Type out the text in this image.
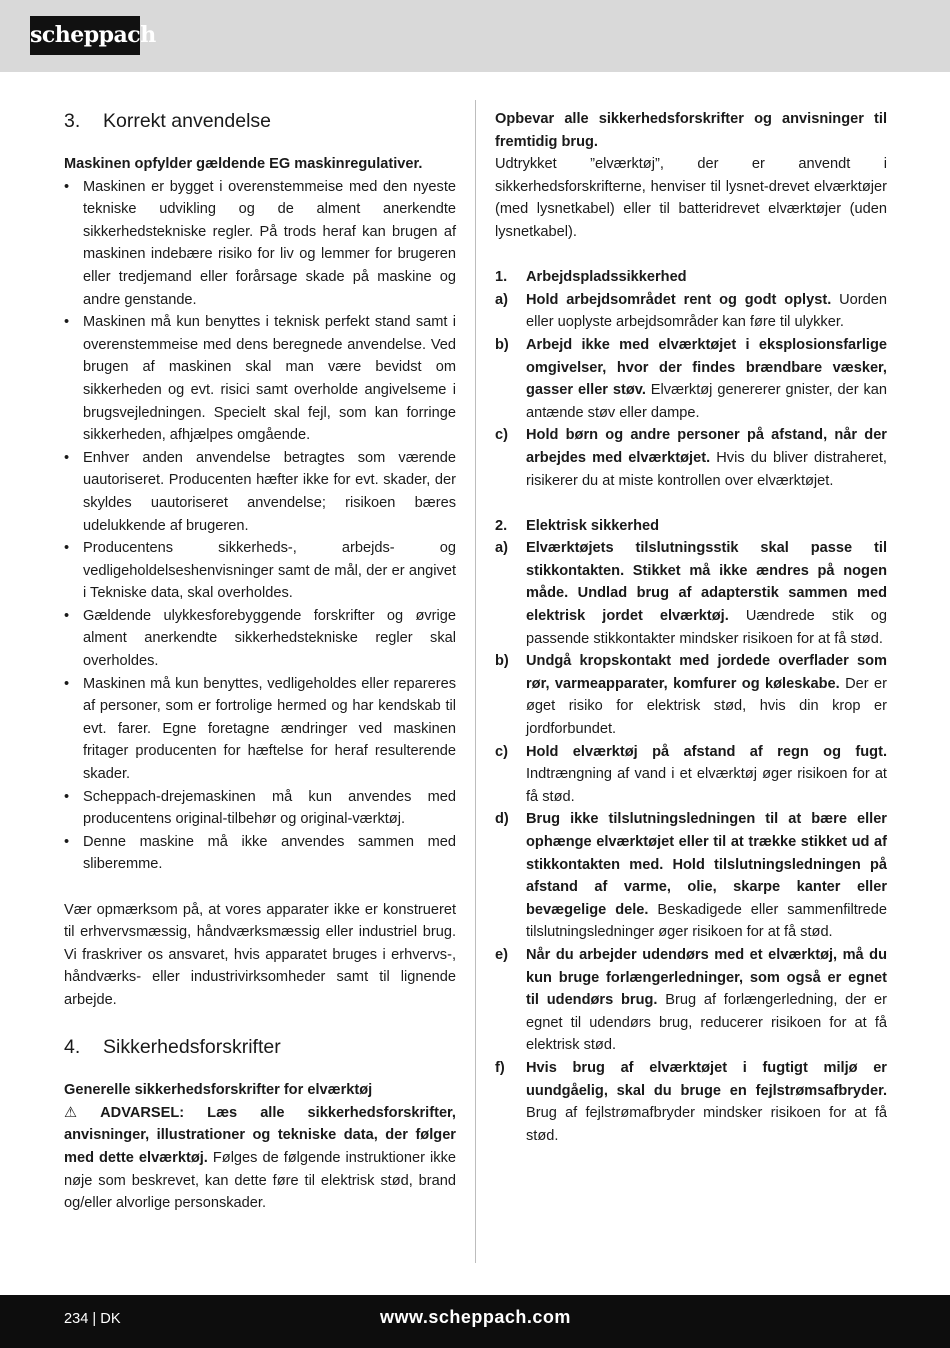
scheppach
3.	Korrekt anvendelse

Maskinen opfylder gældende EG maskinregulativer.

• Maskinen er bygget i overenstemmeise med den nyeste tekniske udvikling og de alment anerkendte sikkerhedstekniske regler. På trods heraf kan brugen af maskinen indebære risiko for liv og lemmer for brugeren eller tredjemand eller forårsage skade på maskine og andre genstande.
• Maskinen må kun benyttes i teknisk perfekt stand samt i overenstemmeise med dens beregnede anvendelse. Ved brugen af maskinen skal man være bevidst om sikkerheden og evt. risici samt overholde angivelseme i brugsvejledningen. Specielt skal fejl, som kan forringe sikkerheden, afhjælpes omgående.
• Enhver anden anvendelse betragtes som værende uautoriseret. Producenten hæfter ikke for evt. skader, der skyldes uautoriseret anvendelse; risikoen bæres udelukkende af brugeren.
• Producentens sikkerheds-, arbejds- og vedligeholdelseshenvisninger samt de mål, der er angivet i Tekniske data, skal overholdes.
• Gældende ulykkesforebyggende forskrifter og øvrige alment anerkendte sikkerhedstekniske regler skal overholdes.
• Maskinen må kun benyttes, vedligeholdes eller repareres af personer, som er fortrolige hermed og har kendskab til evt. farer. Egne foretagne ændringer ved maskinen fritager producenten for hæftelse for heraf resulterende skader.
• Scheppach-drejemaskinen må kun anvendes med producentens original-tilbehør og original-værktøj.
• Denne maskine må ikke anvendes sammen med sliberemme.

Vær opmærksom på, at vores apparater ikke er konstrueret til erhvervsmæssig, håndværksmæssig eller industriel brug. Vi fraskriver os ansvaret, hvis apparatet bruges i erhvervs-, håndværks- eller industrivirksomheder samt til lignende arbejde.

4.	Sikkerhedsforskrifter

Generelle sikkerhedsforskrifter for elværktøj

⚠ ADVARSEL: Læs alle sikkerhedsforskrifter, anvisninger, illustrationer og tekniske data, der følger med dette elværktøj. Følges de følgende instruktioner ikke nøje som beskrevet, kan dette føre til elektrisk stød, brand og/eller alvorlige personskader.

Opbevar alle sikkerhedsforskrifter og anvisninger til fremtidig brug.

Udtrykket ”elværktøj”, der er anvendt i sikkerhedsforskrifterne, henviser til lysnet-drevet elværktøjer (med lysnetkabel) eller til batteridrevet elværktøjer (uden lysnetkabel).

1.	Arbejdspladssikkerhed
a)	Hold arbejdsområdet rent og godt oplyst. Uorden eller uoplyste arbejdsområder kan føre til ulykker.
b)	Arbejd ikke med elværktøjet i eksplosionsfarlige omgivelser, hvor der findes brændbare væsker, gasser eller støv. Elværktøj genererer gnister, der kan antænde støv eller dampe.
c)	Hold børn og andre personer på afstand, når der arbejdes med elværktøjet. Hvis du bliver distraheret, risikerer du at miste kontrollen over elværktøjet.
2.	Elektrisk sikkerhed
a)	Elværktøjets tilslutningsstik skal passe til stikkontakten. Stikket må ikke ændres på nogen måde. Undlad brug af adapterstik sammen med elektrisk jordet elværktøj. Uændrede stik og passende stikkontakter mindsker risikoen for at få stød.
b)	Undgå kropskontakt med jordede overflader som rør, varmeapparater, komfurer og køleskabe. Der er øget risiko for elektrisk stød, hvis din krop er jordforbundet.
c)	Hold elværktøj på afstand af regn og fugt. Indtrængning af vand i et elværktøj øger risikoen for at få stød.
d)	Brug ikke tilslutningsledningen til at bære eller ophænge elværktøjet eller til at trække stikket ud af stikkontakten med. Hold tilslutningsledningen på afstand af varme, olie, skarpe kanter eller bevægelige dele. Beskadigede eller sammenfiltrede tilslutningsledninger øger risikoen for at få stød.
e)	Når du arbejder udendørs med et elværktøj, må du kun bruge forlængerledninger, som også er egnet til udendørs brug. Brug af forlængerledning, der er egnet til udendørs brug, reducerer risikoen for at få elektrisk stød.
f)	Hvis brug af elværktøjet i fugtigt miljø er uundgåelig, skal du bruge en fejlstrømsafbryder. Brug af fejlstrømafbryder mindsker risikoen for at få stød.
234 | DK	www.scheppach.com
